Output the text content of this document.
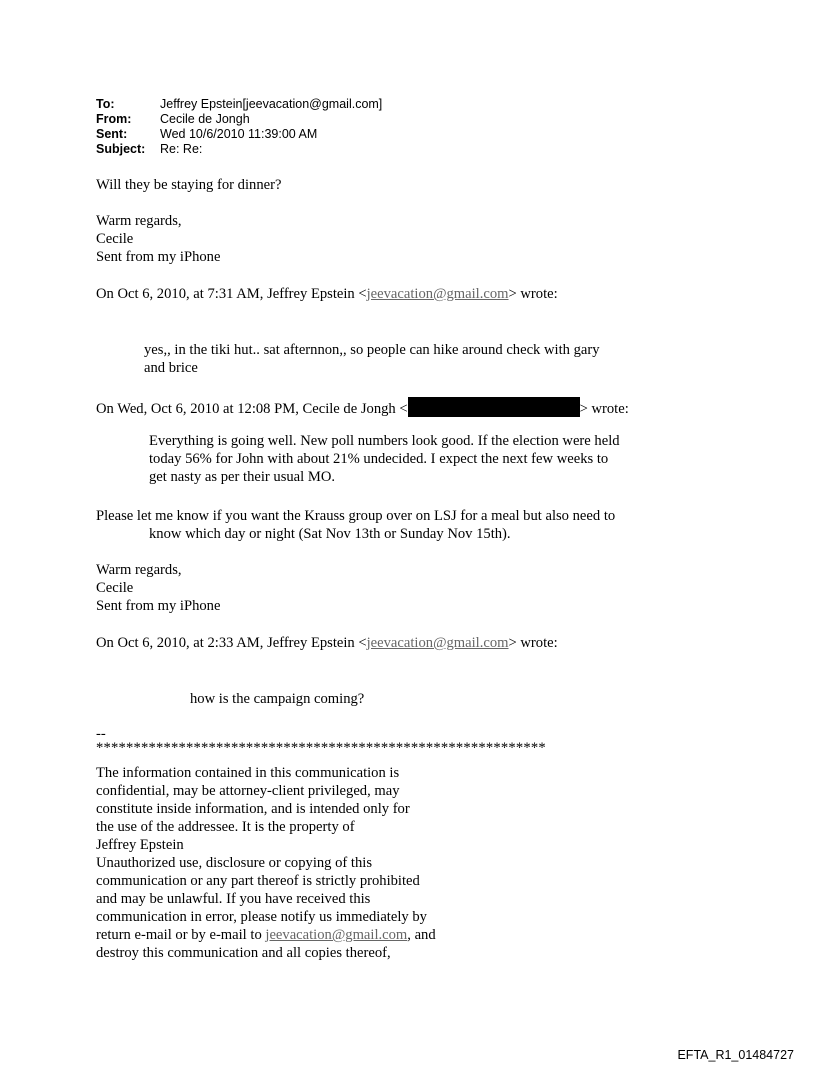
To:	Jeffrey Epstein[jeevacation@gmail.com]
From: Cecile de Jongh
Sent:	Wed 10/6/2010 11:39:00 AM
Subject: Re: Re:
Will they be staying for dinner?
Warm regards,
Cecile
Sent from my iPhone
On Oct 6, 2010, at 7:31 AM, Jeffrey Epstein <jeevacation@gmail.com> wrote:
yes,, in the tiki hut.. sat afternnon,, so people can hike around check with gary
and brice
On Wed, Oct 6, 2010 at 12:08 PM, Cecile de Jongh <	> wrote:
Everything is going well. New poll numbers look good. If the election were held
today 56% for John with about 21% undecided. I expect the next few weeks to
get nasty as per their usual MO.
Please let me know if you want the Krauss group over on LSJ for a meal but also need to
know which day or night (Sat Nov 13th or Sunday Nov 15th).
Warm regards,
Cecile
Sent from my iPhone
On Oct 6, 2010, at 2:33 AM, Jeffrey Epstein <jeevacation@gmail.com> wrote:
how is the campaign coming?
--
************************************************************
The information contained in this communication is
confidential, may be attorney-client privileged, may
constitute inside information, and is intended only for
the use of the addressee. It is the property of
Jeffrey Epstein
Unauthorized use, disclosure or copying of this
communication or any part thereof is strictly prohibited
and may be unlawful. If you have received this
communication in error, please notify us immediately by
return e-mail or by e-mail to jeevacation@gmail.com, and
destroy this communication and all copies thereof,
EFTA_R1_01484727
